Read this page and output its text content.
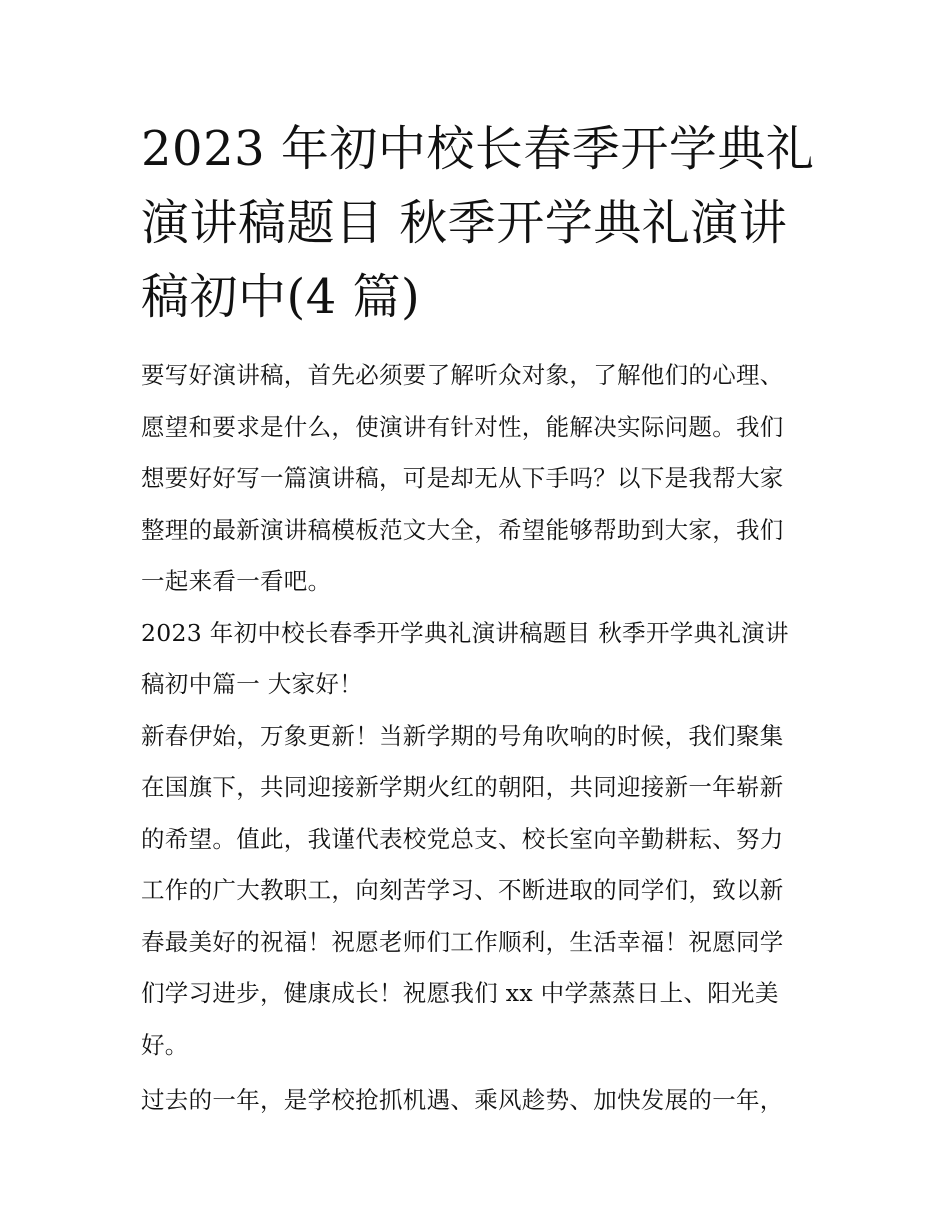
2023 年初中校长春季开学典礼
演讲稿题目 秋季开学典礼演讲
稿初中(4 篇)

要写好演讲稿，首先必须要了解听众对象，了解他们的心理、
愿望和要求是什么，使演讲有针对性，能解决实际问题。我们
想要好好写一篇演讲稿，可是却无从下手吗？以下是我帮大家
整理的最新演讲稿模板范文大全，希望能够帮助到大家，我们
一起来看一看吧。

2023 年初中校长春季开学典礼演讲稿题目 秋季开学典礼演讲
稿初中篇一 大家好！

新春伊始，万象更新！当新学期的号角吹响的时候，我们聚集
在国旗下，共同迎接新学期火红的朝阳，共同迎接新一年崭新
的希望。值此，我谨代表校党总支、校长室向辛勤耕耘、努力
工作的广大教职工，向刻苦学习、不断进取的同学们，致以新
春最美好的祝福！祝愿老师们工作顺利，生活幸福！祝愿同学
们学习进步，健康成长！祝愿我们 xx 中学蒸蒸日上、阳光美
好。

过去的一年，是学校抢抓机遇、乘风趁势、加快发展的一年，
